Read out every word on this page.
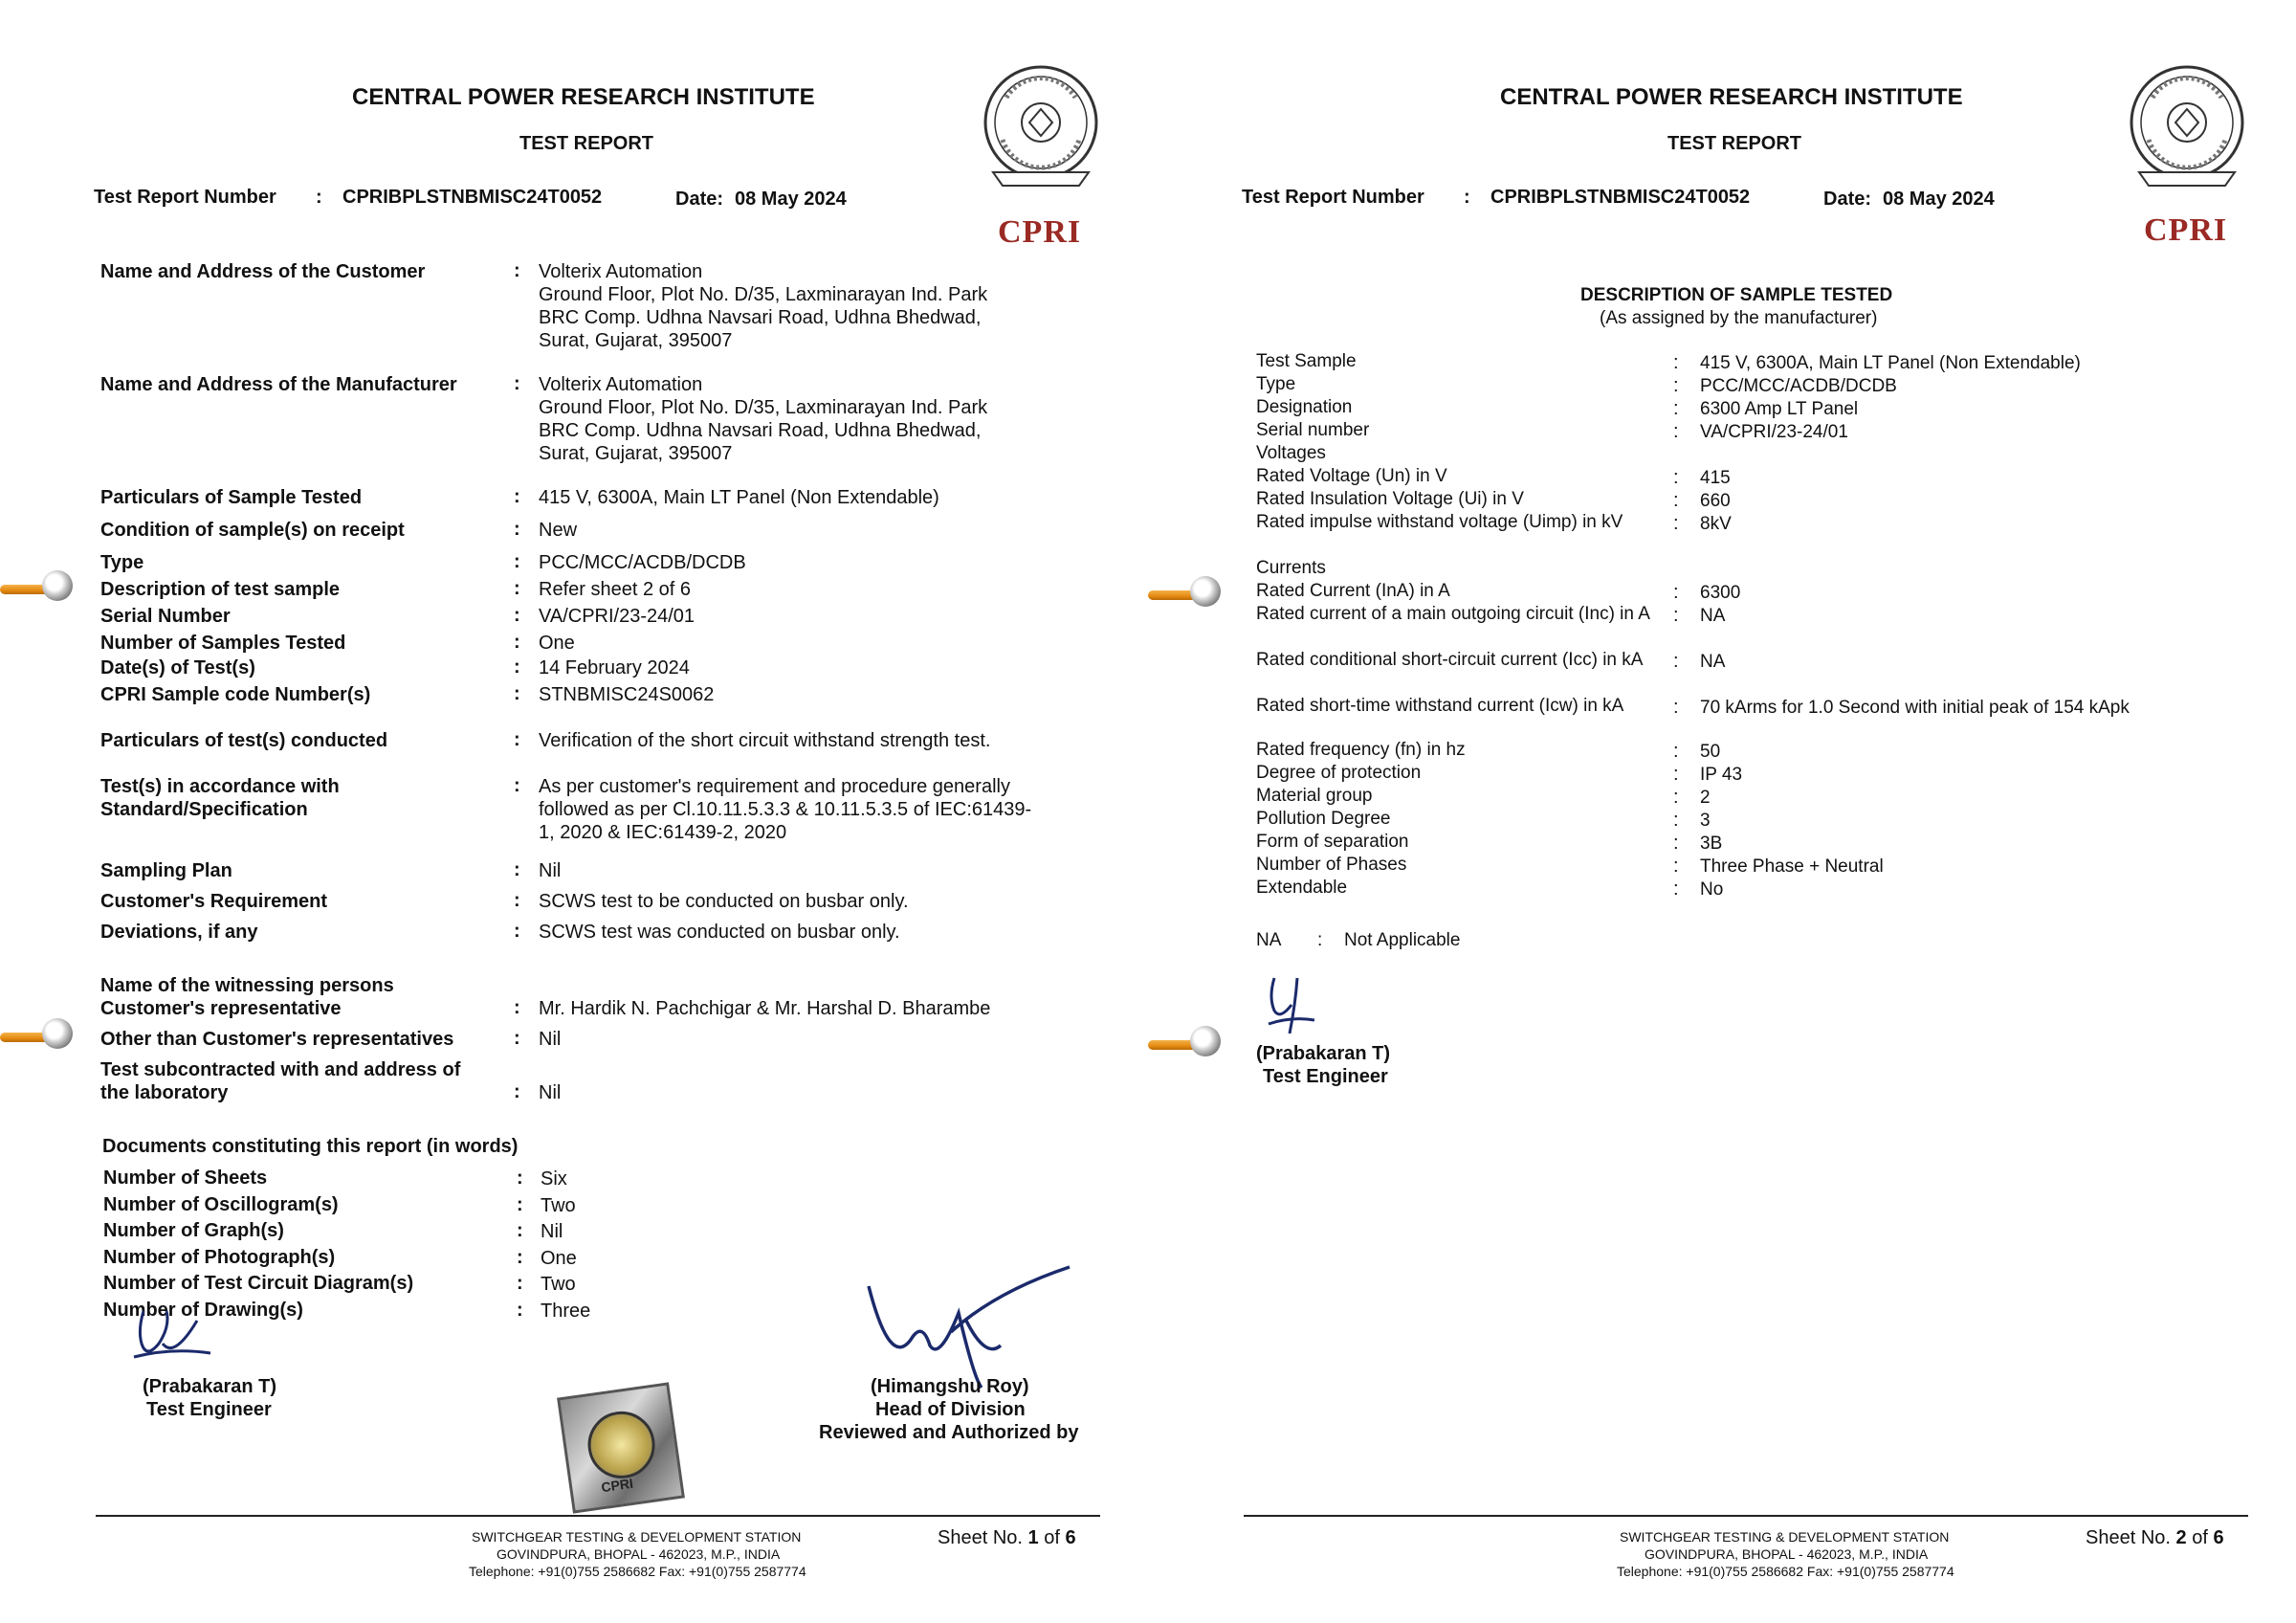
CENTRAL POWER RESEARCH INSTITUTE
TEST REPORT
Test Report Number : CPRIBPLSTNBMISC24T0052	Date: 08 May 2024
CPRI
Name and Address of the Customer	: Volterix Automation
Ground Floor, Plot No. D/35, Laxminarayan Ind. Park
BRC Comp. Udhna Navsari Road, Udhna Bhedwad,
Surat, Gujarat, 395007
Name and Address of the Manufacturer	: Volterix Automation
Ground Floor, Plot No. D/35, Laxminarayan Ind. Park
BRC Comp. Udhna Navsari Road, Udhna Bhedwad,
Surat, Gujarat, 395007
Particulars of Sample Tested	: 415 V, 6300A, Main LT Panel (Non Extendable)
Condition of sample(s) on receipt	: New
Type	: PCC/MCC/ACDB/DCDB
Description of test sample	: Refer sheet 2 of 6
Serial Number	: VA/CPRI/23-24/01
Number of Samples Tested	: One
Date(s) of Test(s)	: 14 February 2024
CPRI Sample code Number(s)	: STNBMISC24S0062
Particulars of test(s) conducted	: Verification of the short circuit withstand strength test.
Test(s) in accordance with
Standard/Specification
: As per customer's requirement and procedure generally
followed as per Cl.10.11.5.3.3 & 10.11.5.3.5 of IEC:61439-
1, 2020 & IEC:61439-2, 2020
Sampling Plan	: Nil
Customer's Requirement	: SCWS test to be conducted on busbar only.
Deviations, if any	: SCWS test was conducted on busbar only.
Name of the witnessing persons
Customer's representative	: Mr. Hardik N. Pachchigar & Mr. Harshal D. Bharambe
Other than Customer's representatives	: Nil
Test subcontracted with and address of
the laboratory	: Nil
Documents constituting this report (in words)
Number of Sheets	: Six
Number of Oscillogram(s)	: Two
Number of Graph(s)	: Nil
Number of Photograph(s)	: One
Number of Test Circuit Diagram(s)	: Two
Number of Drawing(s)	: Three
(Prabakaran T)
Test Engineer
(Himangshu Roy)
Head of Division
Reviewed and Authorized by
CPRI
SWITCHGEAR TESTING & DEVELOPMENT STATION
GOVINDPURA, BHOPAL - 462023, M.P., INDIA
Telephone: +91(0)755 2586682 Fax: +91(0)755 2587774
Sheet No. 1 of 6
CENTRAL POWER RESEARCH INSTITUTE
TEST REPORT
Test Report Number : CPRIBPLSTNBMISC24T0052	Date: 08 May 2024
CPRI
DESCRIPTION OF SAMPLE TESTED
(As assigned by the manufacturer)
Test Sample	: 415 V, 6300A, Main LT Panel (Non Extendable)
Type	: PCC/MCC/ACDB/DCDB
Designation	: 6300 Amp LT Panel
Serial number	: VA/CPRI/23-24/01
Voltages
Rated Voltage (Un) in V	: 415
Rated Insulation Voltage (Ui) in V	: 660
Rated impulse withstand voltage (Uimp) in kV	: 8kV
Currents
Rated Current (InA) in A	: 6300
Rated current of a main outgoing circuit (Inc) in A	: NA
Rated conditional short-circuit current (Icc) in kA	: NA
Rated short-time withstand current (Icw) in kA	: 70 kArms for 1.0 Second with initial peak of 154 kApk
Rated frequency (fn) in hz	: 50
Degree of protection	: IP 43
Material group	: 2
Pollution Degree	: 3
Form of separation	: 3B
Number of Phases	: Three Phase + Neutral
Extendable	: No
NA : Not Applicable
(Prabakaran T)
Test Engineer
SWITCHGEAR TESTING & DEVELOPMENT STATION
GOVINDPURA, BHOPAL - 462023, M.P., INDIA
Telephone: +91(0)755 2586682 Fax: +91(0)755 2587774
Sheet No. 2 of 6
